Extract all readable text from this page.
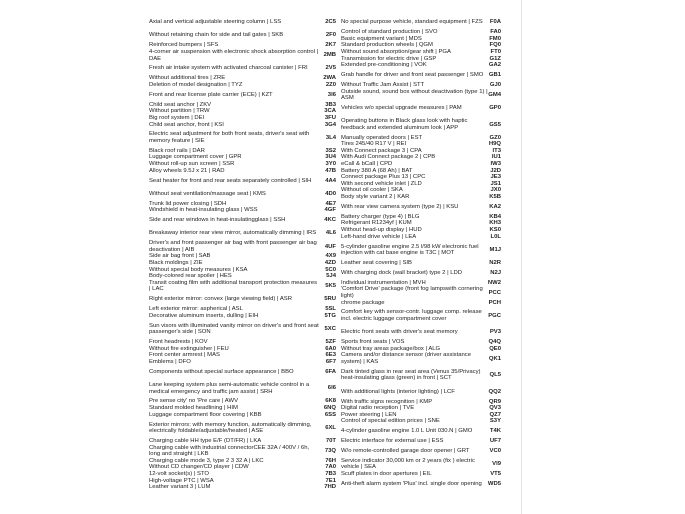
Axial and vertical adjustable steering column | LSS
Without retaining chain for side and tail gates | SKB
Reinforced bumpers | SFS
4-corner air suspension with electronic shock absorption control | DAE
Fresh air intake system with activated charcoal canister | FRI
Without additional tires | ZRE
Deletion of model designation | TYZ
Front and rear license plate carrier (ECE) | KZT
Child seat anchor | ZKV
Without partition | TRW
Big roof system | DEI
Child seat anchor, front | KSI
Electric seat adjustment for both front seats, driver's seat with memory feature | SIE
Black roof rails | DAR
Luggage compartment cover | GPR
Without roll-up sun screen | SSR
Alloy wheels 9.5J x 21 | RAD
Seat heater for front and rear seats separately controlled | SIH
Without seat ventilation/massage seat | KMS
Trunk lid power closing | SDH
Windshield in heat-insulating glass | WSS
Side and rear windows in heat-insulatingglass | SSH
Breakaway interior rear view mirror, automatically dimming | IRS
Driver's and front passenger air bag with front passenger air bag deactivation | AIB
Side air bag front | SAB
Black moldings | ZIE
Without special body measures | KSA
Body-colored rear spoiler | HES
Transit coating film with additional transport protection measures | LAC
Right exterior mirror: convex (large viewing field) | ASR
Left exterior mirror: aspherical | ASL
Decorative aluminum inserts, dulling | EIH
Sun visors with illuminated vanity mirror on driver's and front seat passenger's side | SON
Front headrests | KOV
Without fire extinguisher | FEU
Front center armrest | MAS
Emblems | DFO
Components without special surface appearance | BBO
Lane keeping system plus semi-automatic vehicle control in a medical emergency and traffic jam assist | SRH
Pre sense city' no 'Pre care | AWV
Standard molded headlining | HIM
Luggage compartment floor covering | KBB
Exterior mirrors: with memory function, automatically dimming, electrically foldable/adjustable/heated | ASE
Charging cable HH type E/F (DT/FR) | LKA
Charging cable with industrial connectorCEE 32A / 400V / 6h, long and straight | LKB
Charging cable mode 3, type 2 3 32 A | LKC
Without CD changer/CD player | CDW
12-volt socket(s) | STO
High-voltage PTC | WSA
Leather variant 3 | LUM
2C5
2F0
2K7
2MB
2V5
2WA
2Z0
3I6
3B3
3CA
3FU
3G4
3L4
3S2
3U4
3Y0
47B
4A4
4D0
4E7
4GF
4KC
4L6
4UF
4X9
4ZD
5C0
5J4
5K5
5RU
5SL
5TG
5XC
5ZF
6A0
6E3
6F7
6FA
6I6
6K8
6NQ
6SS
6XL
70T
73Q
76H
7A0
7B3
7E1
7HD
No special purpose vehicle, standard equipment | FZS
Control of standard production | SVO
Basic equipment variant | MDS
Standard production wheels | QGM
Without sound absorption/gear shift | PGA
Transmission for electric drive | GSP
Extended pre-conditioning | VOK
Grab handle for driver and front seat passenger | SMO
Without Traffic Jam Assist | STT
Outside sound, sound box without deactivation (type 1) | ASM
Vehicles w/o special upgrade measures | PAM
Operating buttons in Black glass look with haptic feedback and extended aluminum look | APP
Manually operated doors | EST
Tires 245/40 R17 V | REI
With Connect package 3 | CPA
With Audi Connect package 2 | CPB
eCall & bCall | CPD
Battery 380 A (68 Ah) | BAT
Connect package Plus 13 | CPC
With second vehicle inlet | ZLD
Without oil cooler | SKA
Body style variant 2 | KAR
With rear view camera system (type 2) | KSU
Battery charger (type 4) | BLG
Refrigerant R1234yf | KUM
Without head-up display | HUD
Left-hand drive vehicle | LEA
5-cylinder gasoline engine 2.5 l/98 kW electronic fuel injection with cat base engine is T3C | MOT
Leather seat covering | SIB
With charging dock (wall bracket) type 2 | LDD
Individual instrumentation | MVH
'Comfort Drive' package (front fog lampswith cornering light)
chrome package
Comfort key with sensor-contr. luggage comp. release incl. electric luggage compartment cover
Electric front seats with driver's seat memory
Sports front seats | VOS
Without tray areas package/box | ALG
Camera and/or distance sensor (driver assistance system) | KAS
Dark tinted glass in rear seat area (Venus 35/Privacy) heat-insulating glass (green) in front | SCT
With additional lights (interior lighting) | LCF
With traffic signs recognition | KMP
Digital radio reception | TVE
Power steering | LEN
Control of special edition prices | SNE
4-cylinder gasoline engine 1.0 L Unit 030.N | GMO
Electric interface for external use | ESS
W/o remote-controlled garage door opener | GRT
Service indicator 30,000 km or 2 years (fix ) electric vehicle | SEA
Scuff plates in door apertures | EIL
Anti-theft alarm system 'Plus' incl. single door opening
F0A
FA0
FM0
FQ0
FT0
G1Z
GA2
GB1
GJ0
GM4
GP0
GS5
GZ0
H9Q
IT3
IU1
IW3
J2D
JE3
JS1
JX0
K5B
KA2
KB4
KH3
KS0
L0L
M1J
N2R
N2J
NW2
PCC
PCH
PGC
PV3
Q4Q
QE0
QK1
QL5
QQ2
QR9
QV3
QZ7
S3Y
T4K
UF7
VC0
VI9
VT5
WD5
